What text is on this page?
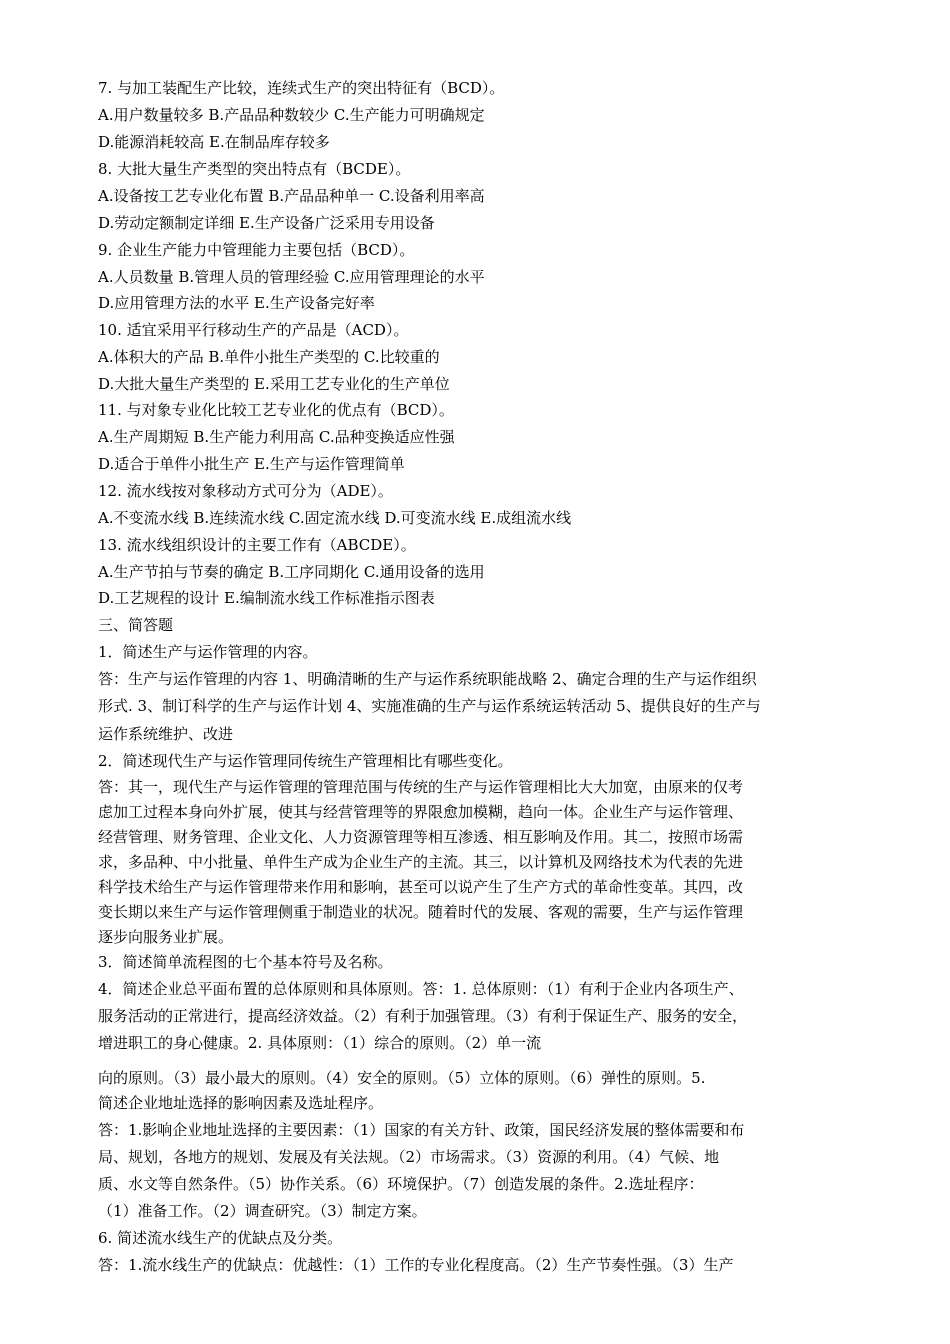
7. 与加工装配生产比较，连续式生产的突出特征有（BCD）。
A.用户数量较多 B.产品品种数较少 C.生产能力可明确规定
D.能源消耗较高 E.在制品库存较多
8. 大批大量生产类型的突出特点有（BCDE）。
A.设备按工艺专业化布置 B.产品品种单一 C.设备利用率高
D.劳动定额制定详细 E.生产设备广泛采用专用设备
9. 企业生产能力中管理能力主要包括（BCD）。
A.人员数量 B.管理人员的管理经验 C.应用管理理论的水平
D.应用管理方法的水平 E.生产设备完好率
10. 适宜采用平行移动生产的产品是（ACD）。
A.体积大的产品 B.单件小批生产类型的 C.比较重的
D.大批大量生产类型的 E.采用工艺专业化的生产单位
11. 与对象专业化比较工艺专业化的优点有（BCD）。
A.生产周期短 B.生产能力利用高 C.品种变换适应性强
D.适合于单件小批生产 E.生产与运作管理简单
12. 流水线按对象移动方式可分为（ADE）。
A.不变流水线 B.连续流水线 C.固定流水线 D.可变流水线 E.成组流水线
13. 流水线组织设计的主要工作有（ABCDE）。
A.生产节拍与节奏的确定 B.工序同期化 C.通用设备的选用
D.工艺规程的设计 E.编制流水线工作标准指示图表
三、简答题
1．简述生产与运作管理的内容。
答：生产与运作管理的内容 1、明确清晰的生产与运作系统职能战略 2、确定合理的生产与运作组织
形式. 3、制订科学的生产与运作计划 4、实施准确的生产与运作系统运转活动 5、提供良好的生产与
运作系统维护、改进
2．简述现代生产与运作管理同传统生产管理相比有哪些变化。
答：其一，现代生产与运作管理的管理范围与传统的生产与运作管理相比大大加宽，由原来的仅考
虑加工过程本身向外扩展，使其与经营管理等的界限愈加模糊，趋向一体。企业生产与运作管理、
经营管理、财务管理、企业文化、人力资源管理等相互渗透、相互影响及作用。其二，按照市场需
求，多品种、中小批量、单件生产成为企业生产的主流。其三，以计算机及网络技术为代表的先进
科学技术给生产与运作管理带来作用和影响，甚至可以说产生了生产方式的革命性变革。其四，改
变长期以来生产与运作管理侧重于制造业的状况。随着时代的发展、客观的需要，生产与运作管理
逐步向服务业扩展。
3．简述简单流程图的七个基本符号及名称。
4．简述企业总平面布置的总体原则和具体原则。答：1. 总体原则：（1）有利于企业内各项生产、
服务活动的正常进行，提高经济效益。（2）有利于加强管理。（3）有利于保证生产、服务的安全，
增进职工的身心健康。2. 具体原则：（1）综合的原则。（2）单一流
向的原则。（3）最小最大的原则。（4）安全的原则。（5）立体的原则。（6）弹性的原则。5.
简述企业地址选择的影响因素及选址程序。
答：1.影响企业地址选择的主要因素：（1）国家的有关方针、政策，国民经济发展的整体需要和布
局、规划，各地方的规划、发展及有关法规。（2）市场需求。（3）资源的利用。（4）气候、地
质、水文等自然条件。（5）协作关系。（6）环境保护。（7）创造发展的条件。2.选址程序：
（1）准备工作。（2）调查研究。（3）制定方案。
6. 简述流水线生产的优缺点及分类。
答：1.流水线生产的优缺点：优越性：（1）工作的专业化程度高。（2）生产节奏性强。（3）生产
